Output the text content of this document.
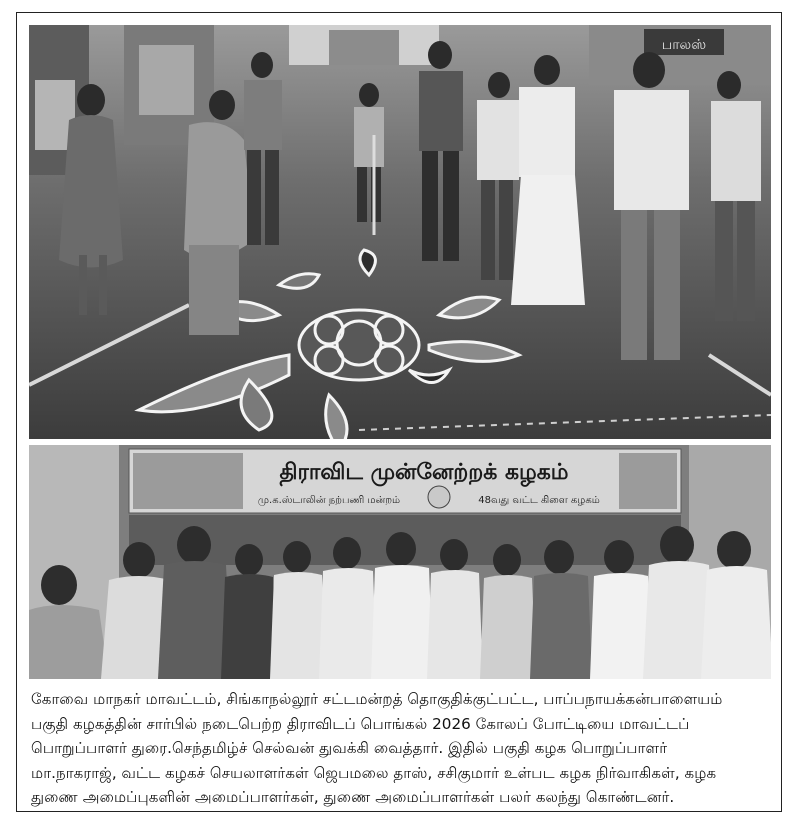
பாலஸ்
திராவிட முன்னேற்றக் கழகம்
மு.க.ஸ்டாலின் நற்பணி மன்றம்	48வது வட்ட கிளை கழகம்
கோவை மாநகர் மாவட்டம், சிங்காநல்லூர் சட்டமன்றத் தொகுதிக்குட்பட்ட, பாப்பநாயக்கன்பாளையம்
பகுதி கழகத்தின் சார்பில் நடைபெற்ற திராவிடப் பொங்கல் 2026 கோலப் போட்டியை மாவட்டப்
பொறுப்பாளர் துரை.செந்தமிழ்ச் செல்வன் துவக்கி வைத்தார். இதில் பகுதி கழக பொறுப்பாளர்
மா.நாகராஜ், வட்ட கழகச் செயலாளர்கள் ஜெபமலை தாஸ், சசிகுமார் உள்பட கழக நிர்வாகிகள், கழக
துணை அமைப்புகளின் அமைப்பாளர்கள், துணை அமைப்பாளர்கள் பலர் கலந்து கொண்டனர்.
